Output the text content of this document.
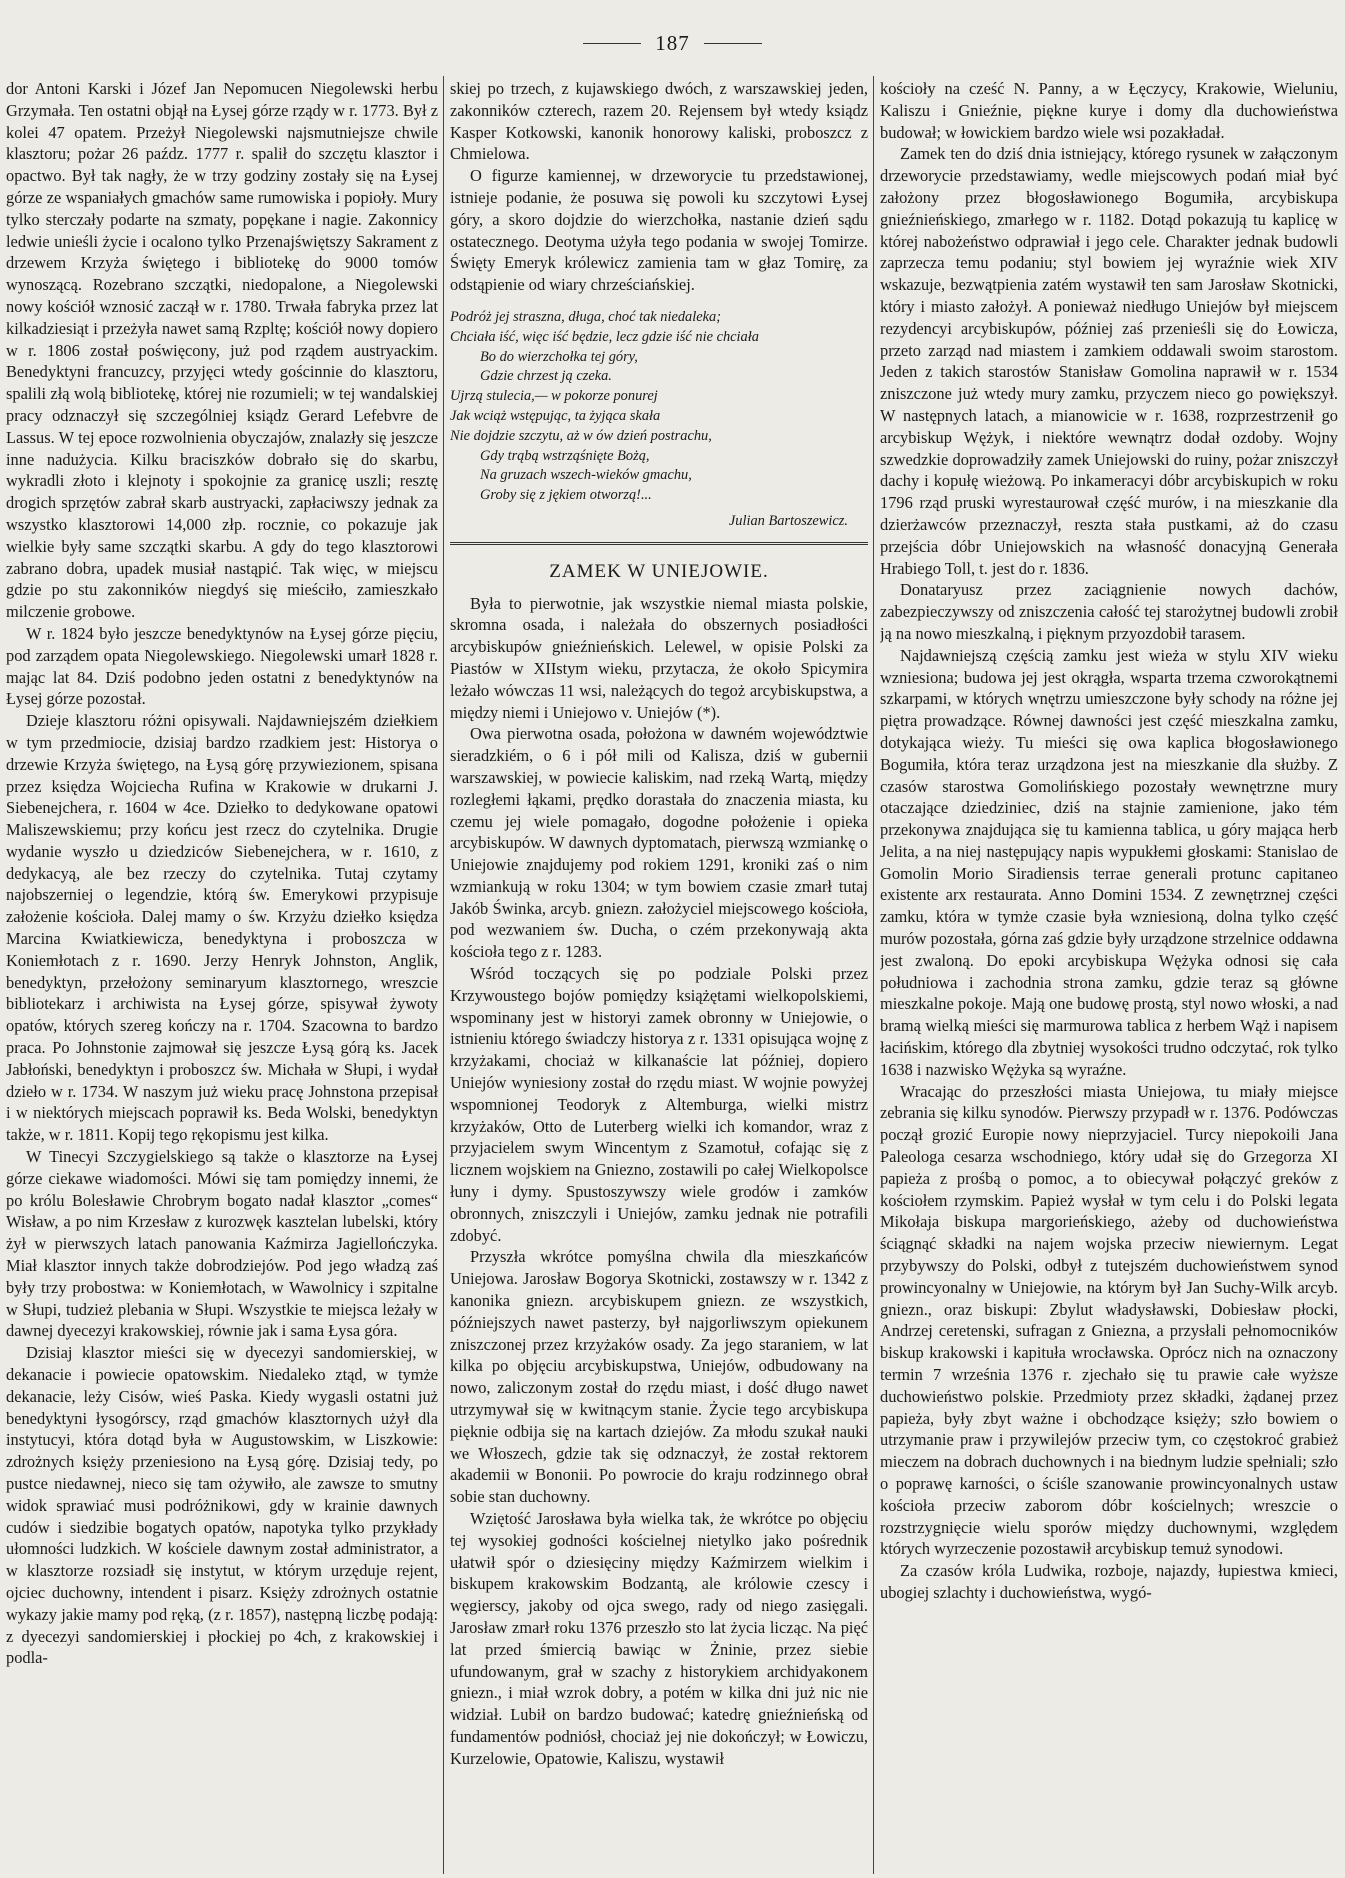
187

dor Antoni Karski i Józef Jan Nepomucen Niegolewski herbu Grzymała. Ten ostatni objął na Łysej górze rządy w r. 1773. Był z kolei 47 opatem. Przeżył Niegolewski najsmutniejsze chwile klasztoru; pożar 26 paźdz. 1777 r. spalił do szczętu klasztor i opactwo. Był tak nagły, że w trzy godziny zostały się na Łysej górze ze wspaniałych gmachów same rumowiska i popioły. Mury tylko sterczały podarte na szmaty, popękane i nagie. Zakonnicy ledwie unieśli życie i ocalono tylko Przenajświętszy Sakrament z drzewem Krzyża świętego i bibliotekę do 9000 tomów wynoszącą. Rozebrano szczątki, niedopalone, a Niegolewski nowy kościół wznosić zaczął w r. 1780. Trwała fabryka przez lat kilkadziesiąt i przeżyła nawet samą Rzpltę; kościół nowy dopiero w r. 1806 został poświęcony, już pod rządem austryackim. Benedyktyni francuzcy, przyjęci wtedy gościnnie do klasztoru, spalili złą wolą bibliotekę, której nie rozumieli; w tej wandalskiej pracy odznaczył się szczególniej ksiądz Gerard Lefebvre de Lassus. W tej epoce rozwolnienia obyczajów, znalazły się jeszcze inne nadużycia. Kilku braciszków dobrało się do skarbu, wykradli złoto i klejnoty i spokojnie za granicę uszli; resztę drogich sprzętów zabrał skarb austryacki, zapłaciwszy jednak za wszystko klasztorowi 14,000 złp. rocznie, co pokazuje jak wielkie były same szczątki skarbu. A gdy do tego klasztorowi zabrano dobra, upadek musiał nastąpić. Tak więc, w miejscu gdzie po stu zakonników niegdyś się mieściło, zamieszkało milczenie grobowe.

W r. 1824 było jeszcze benedyktynów na Łysej górze pięciu, pod zarządem opata Niegolewskiego. Niegolewski umarł 1828 r. mając lat 84. Dziś podobno jeden ostatni z benedyktynów na Łysej górze pozostał.

Dzieje klasztoru różni opisywali. Najdawniejszém dziełkiem w tym przedmiocie, dzisiaj bardzo rzadkiem jest: Historya o drzewie Krzyża świętego, na Łysą górę przywiezionem, spisana przez księdza Wojciecha Rufina w Krakowie w drukarni J. Siebenejchera, r. 1604 w 4ce. Dziełko to dedykowane opatowi Maliszewskiemu; przy końcu jest rzecz do czytelnika. Drugie wydanie wyszło u dziedziców Siebenejchera, w r. 1610, z dedykacyą, ale bez rzeczy do czytelnika. Tutaj czytamy najobszerniej o legendzie, którą św. Emerykowi przypisuje założenie kościoła. Dalej mamy o św. Krzyżu dziełko księdza Marcina Kwiatkiewicza, benedyktyna i proboszcza w Koniemłotach z r. 1690. Jerzy Henryk Johnston, Anglik, benedyktyn, przełożony seminaryum klasztornego, wreszcie bibliotekarz i archiwista na Łysej górze, spisywał żywoty opatów, których szereg kończy na r. 1704. Szacowna to bardzo praca. Po Johnstonie zajmował się jeszcze Łysą górą ks. Jacek Jabłoński, benedyktyn i proboszcz św. Michała w Słupi, i wydał dzieło w r. 1734. W naszym już wieku pracę Johnstona przepisał i w niektórych miejscach poprawił ks. Beda Wolski, benedyktyn także, w r. 1811. Kopij tego rękopismu jest kilka.

W Tinecyi Szczygielskiego są także o klasztorze na Łysej górze ciekawe wiadomości. Mówi się tam pomiędzy innemi, że po królu Bolesławie Chrobrym bogato nadał klasztor „comes“ Wisław, a po nim Krzesław z kurozwęk kasztelan lubelski, który żył w pierwszych latach panowania Kaźmirza Jagiellończyka. Miał klasztor innych także dobrodziejów. Pod jego władzą zaś były trzy probostwa: w Koniemłotach, w Wawolnicy i szpitalne w Słupi, tudzież plebania w Słupi. Wszystkie te miejsca leżały w dawnej dyecezyi krakowskiej, równie jak i sama Łysa góra.

Dzisiaj klasztor mieści się w dyecezyi sandomierskiej, w dekanacie i powiecie opatowskim. Niedaleko ztąd, w tymże dekanacie, leży Cisów, wieś Paska. Kiedy wygasli ostatni już benedyktyni łysogórscy, rząd gmachów klasztornych użył dla instytucyi, która dotąd była w Augustowskim, w Liszkowie: zdrożnych księży przeniesiono na Łysą górę. Dzisiaj tedy, po pustce niedawnej, nieco się tam ożywiło, ale zawsze to smutny widok sprawiać musi podróżnikowi, gdy w krainie dawnych cudów i siedzibie bogatych opatów, napotyka tylko przykłady ułomności ludzkich. W kościele dawnym został administrator, a w klasztorze rozsiadł się instytut, w którym urzęduje rejent, ojciec duchowny, intendent i pisarz. Księży zdrożnych ostatnie wykazy jakie mamy pod ręką, (z r. 1857), następną liczbę podają: z dyecezyi sandomierskiej i płockiej po 4ch, z krakowskiej i podla-

skiej po trzech, z kujawskiego dwóch, z warszawskiej jeden, zakonników czterech, razem 20. Rejensem był wtedy ksiądz Kasper Kotkowski, kanonik honorowy kaliski, proboszcz z Chmielowa.

O figurze kamiennej, w drzeworycie tu przedstawionej, istnieje podanie, że posuwa się powoli ku szczytowi Łysej góry, a skoro dojdzie do wierzchołka, nastanie dzień sądu ostatecznego. Deotyma użyła tego podania w swojej Tomirze. Święty Emeryk królewicz zamienia tam w głaz Tomirę, za odstąpienie od wiary chrześciańskiej.

Podróż jej straszna, długa, choć tak niedaleka;
Chciała iść, więc iść będzie, lecz gdzie iść nie chciała
Bo do wierzchołka tej góry,
Gdzie chrzest ją czeka.
Ujrzą stulecia,— w pokorze ponurej
Jak wciąż wstępując, ta żyjąca skała
Nie dojdzie szczytu, aż w ów dzień postrachu,
Gdy trąbą wstrząśnięte Bożą,
Na gruzach wszech-wieków gmachu,
Groby się z jękiem otworzą!...
Julian Bartoszewicz.
ZAMEK W UNIEJOWIE.

Była to pierwotnie, jak wszystkie niemal miasta polskie, skromna osada, i należała do obszernych posiadłości arcybiskupów gnieźnieńskich. Lelewel, w opisie Polski za Piastów w XIIstym wieku, przytacza, że około Spicymira leżało wówczas 11 wsi, należących do tegoż arcybiskupstwa, a między niemi i Uniejowo v. Uniejów (*).

Owa pierwotna osada, położona w dawném województwie sieradzkiém, o 6 i pół mili od Kalisza, dziś w gubernii warszawskiej, w powiecie kaliskim, nad rzeką Wartą, między rozległemi łąkami, prędko dorastała do znaczenia miasta, ku czemu jej wiele pomagało, dogodne położenie i opieka arcybiskupów. W dawnych dyptomatach, pierwszą wzmiankę o Uniejowie znajdujemy pod rokiem 1291, kroniki zaś o nim wzmiankują w roku 1304; w tym bowiem czasie zmarł tutaj Jakób Świnka, arcyb. gniezn. założyciel miejscowego kościoła, pod wezwaniem św. Ducha, o czém przekonywają akta kościoła tego z r. 1283.

Wśród toczących się po podziale Polski przez Krzywoustego bojów pomiędzy książętami wielkopolskiemi, wspominany jest w historyi zamek obronny w Uniejowie, o istnieniu którego świadczy historya z r. 1331 opisująca wojnę z krzyżakami, chociaż w kilkanaście lat później, dopiero Uniejów wyniesiony został do rzędu miast. W wojnie powyżej wspomnionej Teodoryk z Altemburga, wielki mistrz krzyżaków, Otto de Luterberg wielki ich komandor, wraz z przyjacielem swym Wincentym z Szamotuł, cofając się z licznem wojskiem na Gniezno, zostawili po całej Wielkopolsce łuny i dymy. Spustoszywszy wiele grodów i zamków obronnych, zniszczyli i Uniejów, zamku jednak nie potrafili zdobyć.

Przyszła wkrótce pomyślna chwila dla mieszkańców Uniejowa. Jarosław Bogorya Skotnicki, zostawszy w r. 1342 z kanonika gniezn. arcybiskupem gniezn. ze wszystkich, późniejszych nawet pasterzy, był najgorliwszym opiekunem zniszczonej przez krzyżaków osady. Za jego staraniem, w lat kilka po objęciu arcybiskupstwa, Uniejów, odbudowany na nowo, zaliczonym został do rzędu miast, i dość długo nawet utrzymywał się w kwitnącym stanie. Życie tego arcybiskupa pięknie odbija się na kartach dziejów. Za młodu szukał nauki we Włoszech, gdzie tak się odznaczył, że został rektorem akademii w Bononii. Po powrocie do kraju rodzinnego obrał sobie stan duchowny.

Wziętość Jarosława była wielka tak, że wkrótce po objęciu tej wysokiej godności kościelnej nietylko jako pośrednik ułatwił spór o dziesięciny między Kaźmirzem wielkim i biskupem krakowskim Bodzantą, ale królowie czescy i węgierscy, jakoby od ojca swego, rady od niego zasięgali. Jarosław zmarł roku 1376 przeszło sto lat życia licząc. Na pięć lat przed śmiercią bawiąc w Żninie, przez siebie ufundowanym, grał w szachy z historykiem archidyakonem gniezn., i miał wzrok dobry, a potém w kilka dni już nic nie widział. Lubił on bardzo budować; katedrę gnieźnieńską od fundamentów podniósł, chociaż jej nie dokończył; w Łowiczu, Kurzelowie, Opatowie, Kaliszu, wystawił

kościoły na cześć N. Panny, a w Łęczycy, Krakowie, Wieluniu, Kaliszu i Gnieźnie, piękne kurye i domy dla duchowieństwa budował; w łowickiem bardzo wiele wsi pozakładał.

Zamek ten do dziś dnia istniejący, którego rysunek w załączonym drzeworycie przedstawiamy, wedle miejscowych podań miał być założony przez błogosławionego Bogumiła, arcybiskupa gnieźnieńskiego, zmarłego w r. 1182. Dotąd pokazują tu kaplicę w której nabożeństwo odprawiał i jego cele. Charakter jednak budowli zaprzecza temu podaniu; styl bowiem jej wyraźnie wiek XIV wskazuje, bezwątpienia zatém wystawił ten sam Jarosław Skotnicki, który i miasto założył. A ponieważ niedługo Uniejów był miejscem rezydencyi arcybiskupów, później zaś przenieśli się do Łowicza, przeto zarząd nad miastem i zamkiem oddawali swoim starostom. Jeden z takich starostów Stanisław Gomolina naprawił w r. 1534 zniszczone już wtedy mury zamku, przyczem nieco go powiększył. W następnych latach, a mianowicie w r. 1638, rozprzestrzenił go arcybiskup Wężyk, i niektóre wewnątrz dodał ozdoby. Wojny szwedzkie doprowadziły zamek Uniejowski do ruiny, pożar zniszczył dachy i kopułę wieżową. Po inkameracyi dóbr arcybiskupich w roku 1796 rząd pruski wyrestaurował część murów, i na mieszkanie dla dzierżawców przeznaczył, reszta stała pustkami, aż do czasu przejścia dóbr Uniejowskich na własność donacyjną Generała Hrabiego Toll, t. jest do r. 1836.

Donataryusz przez zaciągnienie nowych dachów, zabezpieczywszy od zniszczenia całość tej starożytnej budowli zrobił ją na nowo mieszkalną, i pięknym przyozdobił tarasem.

Najdawniejszą częścią zamku jest wieża w stylu XIV wieku wzniesiona; budowa jej jest okrągła, wsparta trzema czworokątnemi szkarpami, w których wnętrzu umieszczone były schody na różne jej piętra prowadzące. Równej dawności jest część mieszkalna zamku, dotykająca wieży. Tu mieści się owa kaplica błogosławionego Bogumiła, która teraz urządzona jest na mieszkanie dla służby. Z czasów starostwa Gomolińskiego pozostały wewnętrzne mury otaczające dziedziniec, dziś na stajnie zamienione, jako tém przekonywa znajdująca się tu kamienna tablica, u góry mająca herb Jelita, a na niej następujący napis wypukłemi głoskami: Stanislao de Gomolin Morio Siradiensis terrae generali protunc capitaneo existente arx restaurata. Anno Domini 1534. Z zewnętrznej części zamku, która w tymże czasie była wzniesioną, dolna tylko część murów pozostała, górna zaś gdzie były urządzone strzelnice oddawna jest zwaloną. Do epoki arcybiskupa Wężyka odnosi się cała południowa i zachodnia strona zamku, gdzie teraz są główne mieszkalne pokoje. Mają one budowę prostą, styl nowo włoski, a nad bramą wielką mieści się marmurowa tablica z herbem Wąż i napisem łacińskim, którego dla zbytniej wysokości trudno odczytać, rok tylko 1638 i nazwisko Wężyka są wyraźne.

Wracając do przeszłości miasta Uniejowa, tu miały miejsce zebrania się kilku synodów. Pierwszy przypadł w r. 1376. Podówczas począł grozić Europie nowy nieprzyjaciel. Turcy niepokoili Jana Paleologa cesarza wschodniego, który udał się do Grzegorza XI papieża z prośbą o pomoc, a to obiecywał połączyć greków z kościołem rzymskim. Papież wysłał w tym celu i do Polski legata Mikołaja biskupa margorieńskiego, ażeby od duchowieństwa ściągnąć składki na najem wojska przeciw niewiernym. Legat przybywszy do Polski, odbył z tutejszém duchowieństwem synod prowincyonalny w Uniejowie, na którym był Jan Suchy-Wilk arcyb. gniezn., oraz biskupi: Zbylut władysławski, Dobiesław płocki, Andrzej ceretenski, sufragan z Gniezna, a przysłali pełnomocników biskup krakowski i kapituła wrocławska. Oprócz nich na oznaczony termin 7 września 1376 r. zjechało się tu prawie całe wyższe duchowieństwo polskie. Przedmioty przez składki, żądanej przez papieża, były zbyt ważne i obchodzące księży; szło bowiem o utrzymanie praw i przywilejów przeciw tym, co częstokroć grabież mieczem na dobrach duchownych i na biednym ludzie spełniali; szło o poprawę karności, o ściśle szanowanie prowincyonalnych ustaw kościoła przeciw zaborom dóbr kościelnych; wreszcie o rozstrzygnięcie wielu sporów między duchownymi, względem których wyrzeczenie pozostawił arcybiskup temuż synodowi.

Za czasów króla Ludwika, rozboje, najazdy, łupiestwa kmieci, ubogiej szlachty i duchowieństwa, wygó-
